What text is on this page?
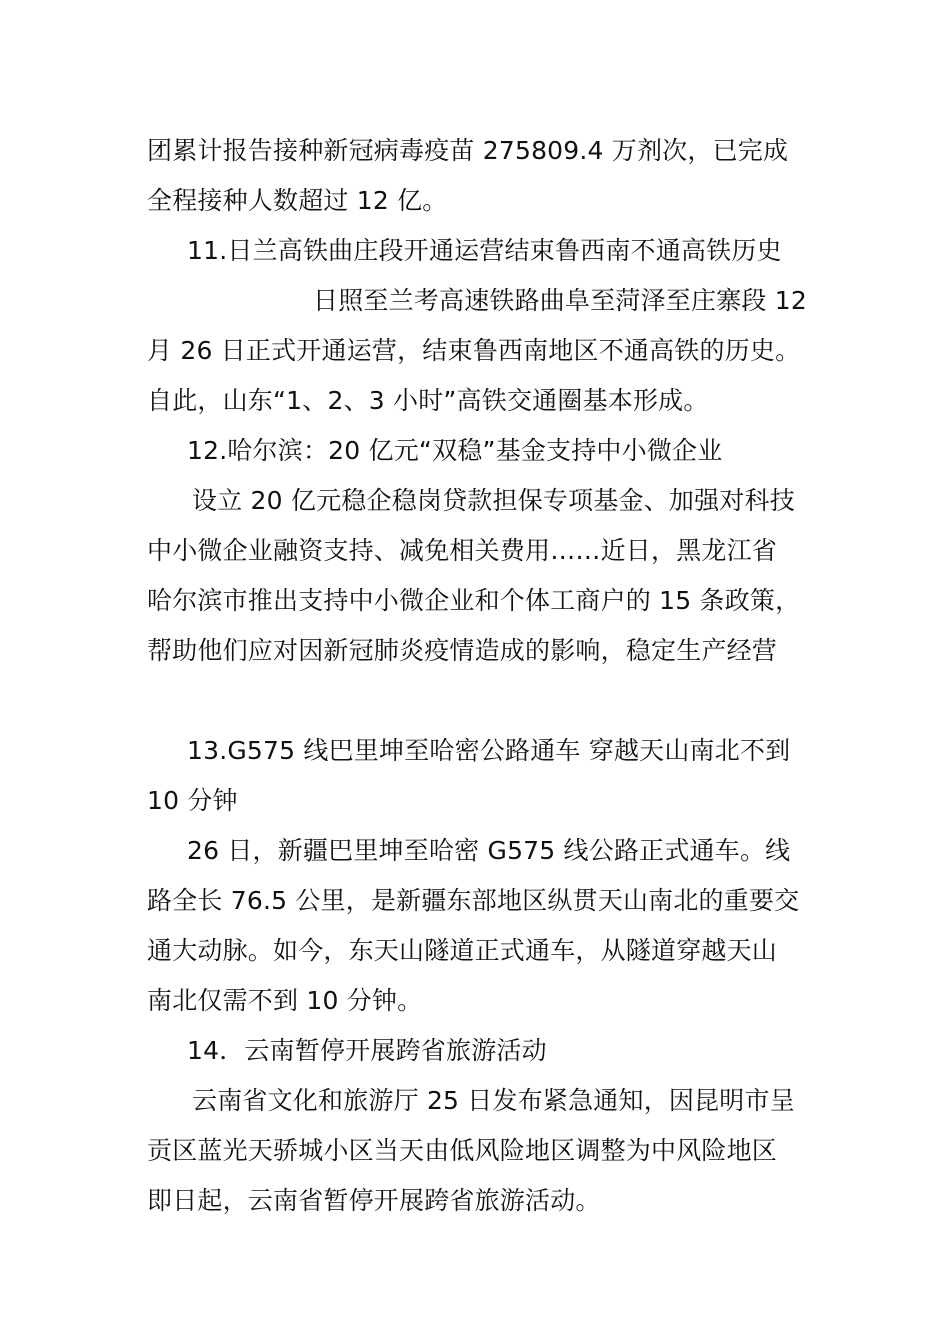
团累计报告接种新冠病毒疫苗 275809.4 万剂次，已完成
全程接种人数超过 12 亿。
11.日兰高铁曲庄段开通运营结束鲁西南不通高铁历史
日照至兰考高速铁路曲阜至菏泽至庄寨段 12
月 26 日正式开通运营，结束鲁西南地区不通高铁的历史。
自此，山东“1、2、3 小时”高铁交通圈基本形成。
12.哈尔滨：20 亿元“双稳”基金支持中小微企业
设立 20 亿元稳企稳岗贷款担保专项基金、加强对科技
中小微企业融资支持、减免相关费用……近日，黑龙江省
哈尔滨市推出支持中小微企业和个体工商户的 15 条政策，
帮助他们应对因新冠肺炎疫情造成的影响，稳定生产经营
13.G575 线巴里坤至哈密公路通车 穿越天山南北不到
10 分钟
26 日，新疆巴里坤至哈密 G575 线公路正式通车。线
路全长 76.5 公里，是新疆东部地区纵贯天山南北的重要交
通大动脉。如今，东天山隧道正式通车，从隧道穿越天山
南北仅需不到 10 分钟。
14．云南暂停开展跨省旅游活动
云南省文化和旅游厅 25 日发布紧急通知，因昆明市呈
贡区蓝光天骄城小区当天由低风险地区调整为中风险地区
即日起，云南省暂停开展跨省旅游活动。
